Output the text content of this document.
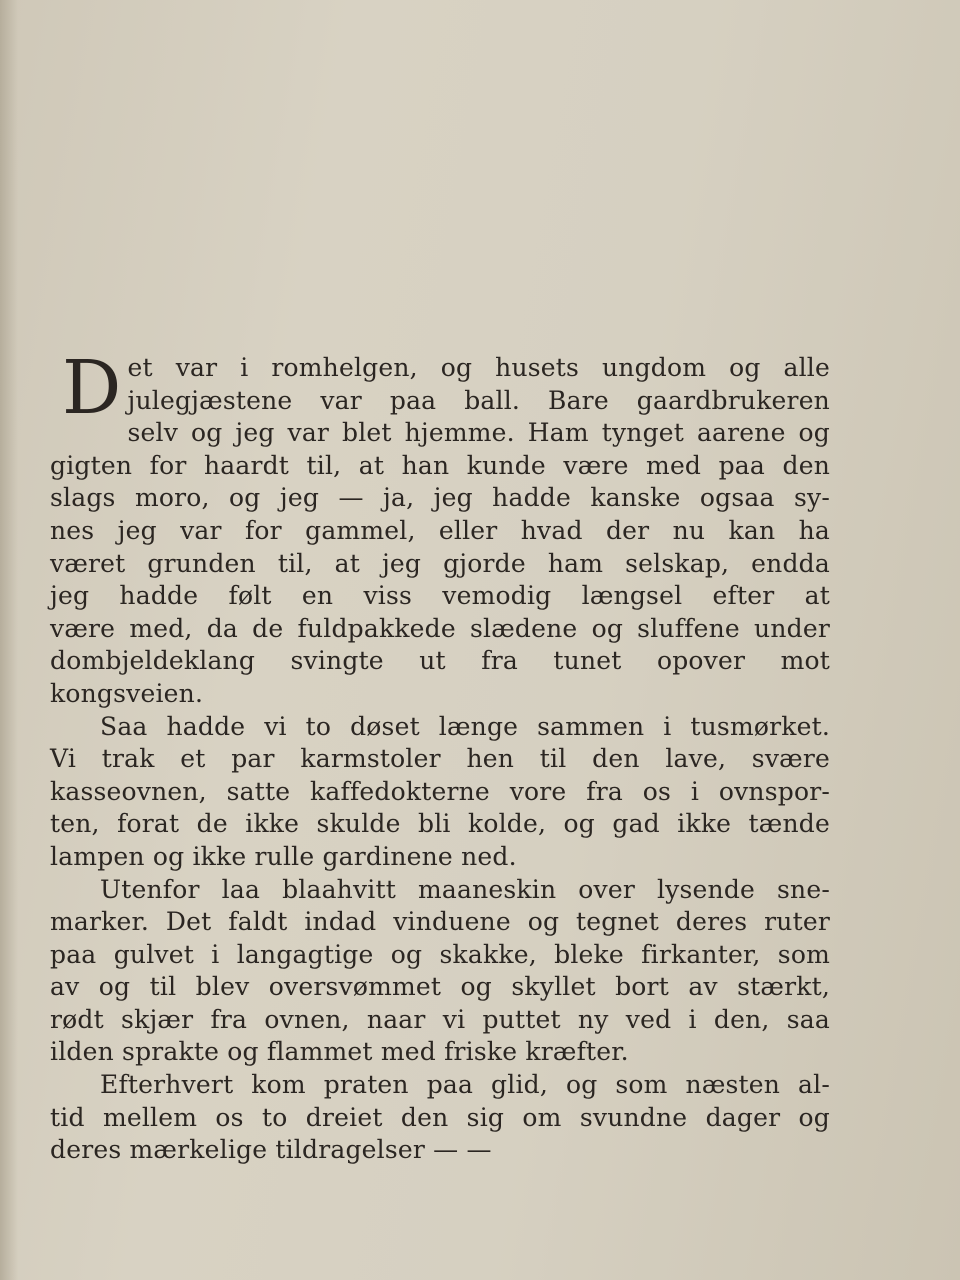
D et var i romhelgen, og husets ungdom og alle
julegjæstene var paa ball. Bare gaardbrukeren
selv og jeg var blet hjemme. Ham tynget aarene og
gigten for haardt til, at han kunde være med paa den
slags moro, og jeg — ja, jeg hadde kanske ogsaa sy-
nes jeg var for gammel, eller hvad der nu kan ha
været grunden til, at jeg gjorde ham selskap, endda
jeg hadde følt en viss vemodig længsel efter at
være med, da de fuldpakkede slædene og sluffene under
dombjeldeklang svingte ut fra tunet opover mot
kongsveien.
Saa hadde vi to døset længe sammen i tusmørket.
Vi trak et par karmstoler hen til den lave, svære
kasseovnen, satte kaffedokterne vore fra os i ovnspor-
ten, forat de ikke skulde bli kolde, og gad ikke tænde
lampen og ikke rulle gardinene ned.
Utenfor laa blaahvitt maaneskin over lysende sne-
marker. Det faldt indad vinduene og tegnet deres ruter
paa gulvet i langagtige og skakke, bleke firkanter, som
av og til blev oversvømmet og skyllet bort av stærkt,
rødt skjær fra ovnen, naar vi puttet ny ved i den, saa
ilden sprakte og flammet med friske kræfter.
Efterhvert kom praten paa glid, og som næsten al-
tid mellem os to dreiet den sig om svundne dager og
deres mærkelige tildragelser — —
